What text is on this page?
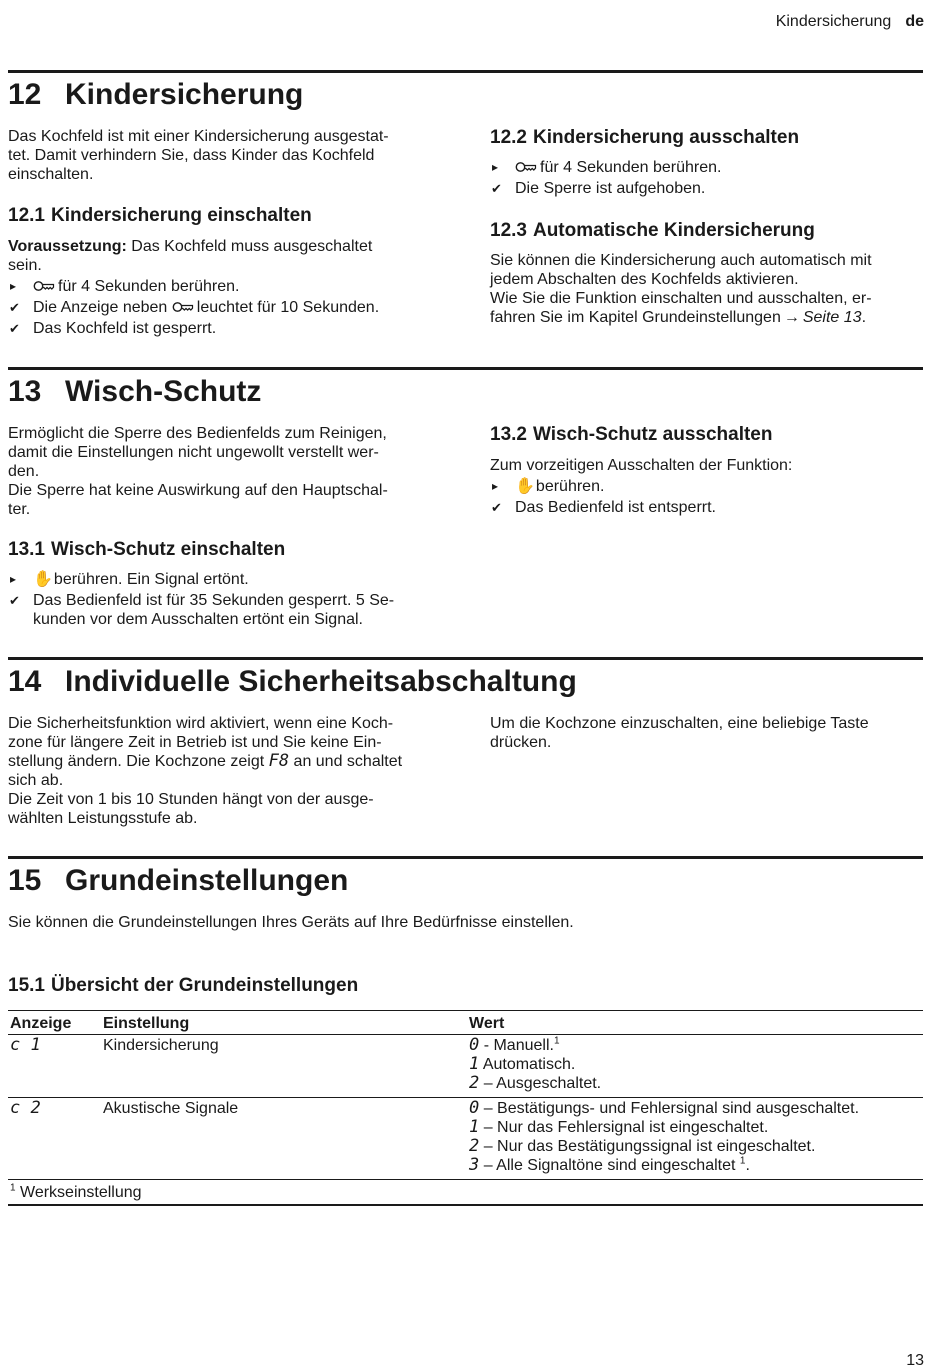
Kindersicherung de
12 Kindersicherung

Das Kochfeld ist mit einer Kindersicherung ausgestat-

tet. Damit verhindern Sie, dass Kinder das Kochfeld

einschalten.

12.1 Kindersicherung einschalten

Voraussetzung: Das Kochfeld muss ausgeschaltet

sein.

▸	für 4 Sekunden berühren.
✔ Die Anzeige neben leuchtet für 10 Sekunden.
✔ Das Kochfeld ist gesperrt.
12.2 Kindersicherung ausschalten
▸	für 4 Sekunden berühren.
✔ Die Sperre ist aufgehoben.
12.3 Automatische Kindersicherung

Sie können die Kindersicherung auch automatisch mit

jedem Abschalten des Kochfelds aktivieren.

Wie Sie die Funktion einschalten und ausschalten, er-

fahren Sie im Kapitel Grundeinstellungen → Seite 13.

13 Wisch-Schutz

Ermöglicht die Sperre des Bedienfelds zum Reinigen,

damit die Einstellungen nicht ungewollt verstellt wer-

den.

Die Sperre hat keine Auswirkung auf den Hauptschal-

ter.

13.1 Wisch-Schutz einschalten
▸ ✋berühren. Ein Signal ertönt.
✔ Das Bedienfeld ist für 35 Sekunden gesperrt. 5 Se-

kunden vor dem Ausschalten ertönt ein Signal.

13.2 Wisch-Schutz ausschalten

Zum vorzeitigen Ausschalten der Funktion:

▸ ✋berühren.
✔ Das Bedienfeld ist entsperrt.
14 Individuelle Sicherheitsabschaltung

Die Sicherheitsfunktion wird aktiviert, wenn eine Koch-

zone für längere Zeit in Betrieb ist und Sie keine Ein-

stellung ändern. Die Kochzone zeigt F8 an und schaltet

sich ab.

Die Zeit von 1 bis 10 Stunden hängt von der ausge-

wählten Leistungsstufe ab.

Um die Kochzone einzuschalten, eine beliebige Taste

drücken.

15 Grundeinstellungen

Sie können die Grundeinstellungen Ihres Geräts auf Ihre Bedürfnisse einstellen.

15.1 Übersicht der Grundeinstellungen
Anzeige	Einstellung	Wert
c 1	Kindersicherung	0 - Manuell.$^1$
1 Automatisch.
2 – Ausgeschaltet.

c 2	Akustische Signale	0 – Bestätigungs- und Fehlersignal sind ausgeschaltet.
1 – Nur das Fehlersignal ist eingeschaltet.
2 – Nur das Bestätigungssignal ist eingeschaltet.
3 – Alle Signaltöne sind eingeschaltet $^1$.

$^1$ Werkseinstellung		
13
